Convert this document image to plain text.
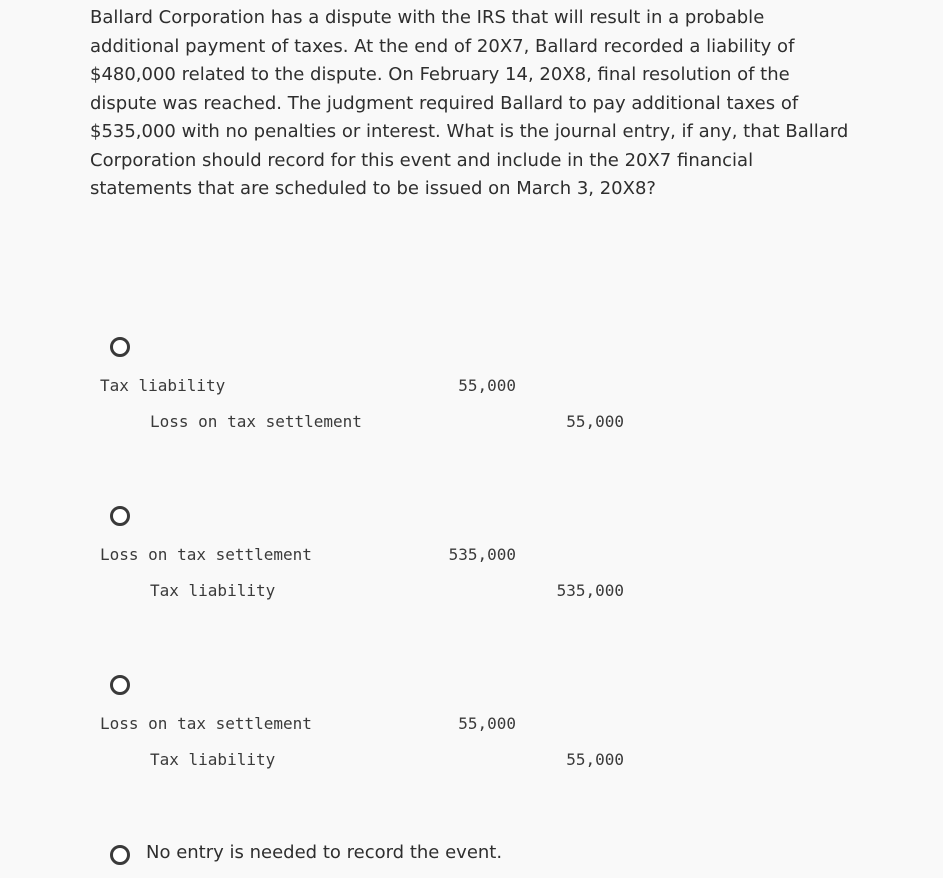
Ballard Corporation has a dispute with the IRS that will result in a probable additional payment of taxes. At the end of 20X7, Ballard recorded a liability of $480,000 related to the dispute. On February 14, 20X8, final resolution of the dispute was reached. The judgment required Ballard to pay additional taxes of $535,000 with no penalties or interest. What is the journal entry, if any, that Ballard Corporation should record for this event and include in the 20X7 financial statements that are scheduled to be issued on March 3, 20X8?

Tax liability	55,000
Loss on tax settlement	55,000
Loss on tax settlement	535,000
Tax liability	535,000
Loss on tax settlement	55,000
Tax liability	55,000
No entry is needed to record the event.
